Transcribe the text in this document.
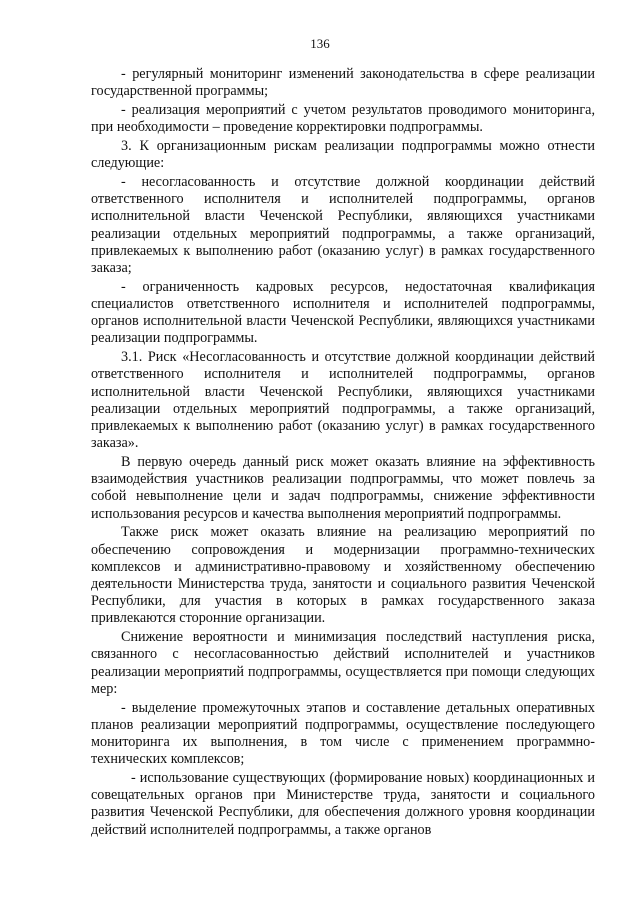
136

- регулярный мониторинг изменений законодательства в сфере реализации государственной программы;

- реализация мероприятий с учетом результатов проводимого мониторинга, при необходимости – проведение корректировки подпрограммы.

3. К организационным рискам реализации подпрограммы можно отнести следующие:

- несогласованность и отсутствие должной координации действий ответственного исполнителя и исполнителей подпрограммы, органов исполнительной власти Чеченской Республики, являющихся участниками реализации отдельных мероприятий подпрограммы, а также организаций, привлекаемых к выполнению работ (оказанию услуг) в рамках государственного заказа;

- ограниченность кадровых ресурсов, недостаточная квалификация специалистов ответственного исполнителя и исполнителей подпрограммы, органов исполнительной власти Чеченской Республики, являющихся участниками реализации подпрограммы.

3.1. Риск «Несогласованность и отсутствие должной координации действий ответственного исполнителя и исполнителей подпрограммы, органов исполнительной власти Чеченской Республики, являющихся участниками реализации отдельных мероприятий подпрограммы, а также организаций, привлекаемых к выполнению работ (оказанию услуг) в рамках государственного заказа».

В первую очередь данный риск может оказать влияние на эффективность взаимодействия участников реализации подпрограммы, что может повлечь за собой невыполнение цели и задач подпрограммы, снижение эффективности использования ресурсов и качества выполнения мероприятий подпрограммы.

Также риск может оказать влияние на реализацию мероприятий по обеспечению сопровождения и модернизации программно-технических комплексов и административно-правовому и хозяйственному обеспечению деятельности Министерства труда, занятости и социального развития Чеченской Республики, для участия в которых в рамках государственного заказа привлекаются сторонние организации.

Снижение вероятности и минимизация последствий наступления риска, связанного с несогласованностью действий исполнителей и участников реализации мероприятий подпрограммы, осуществляется при помощи следующих мер:

- выделение промежуточных этапов и составление детальных оперативных планов реализации мероприятий подпрограммы, осуществление последующего мониторинга их выполнения, в том числе с применением программно-технических комплексов;

- использование существующих (формирование новых) координационных и совещательных органов при Министерстве труда, занятости и социального развития Чеченской Республики, для обеспечения должного уровня координации действий исполнителей подпрограммы, а также органов
